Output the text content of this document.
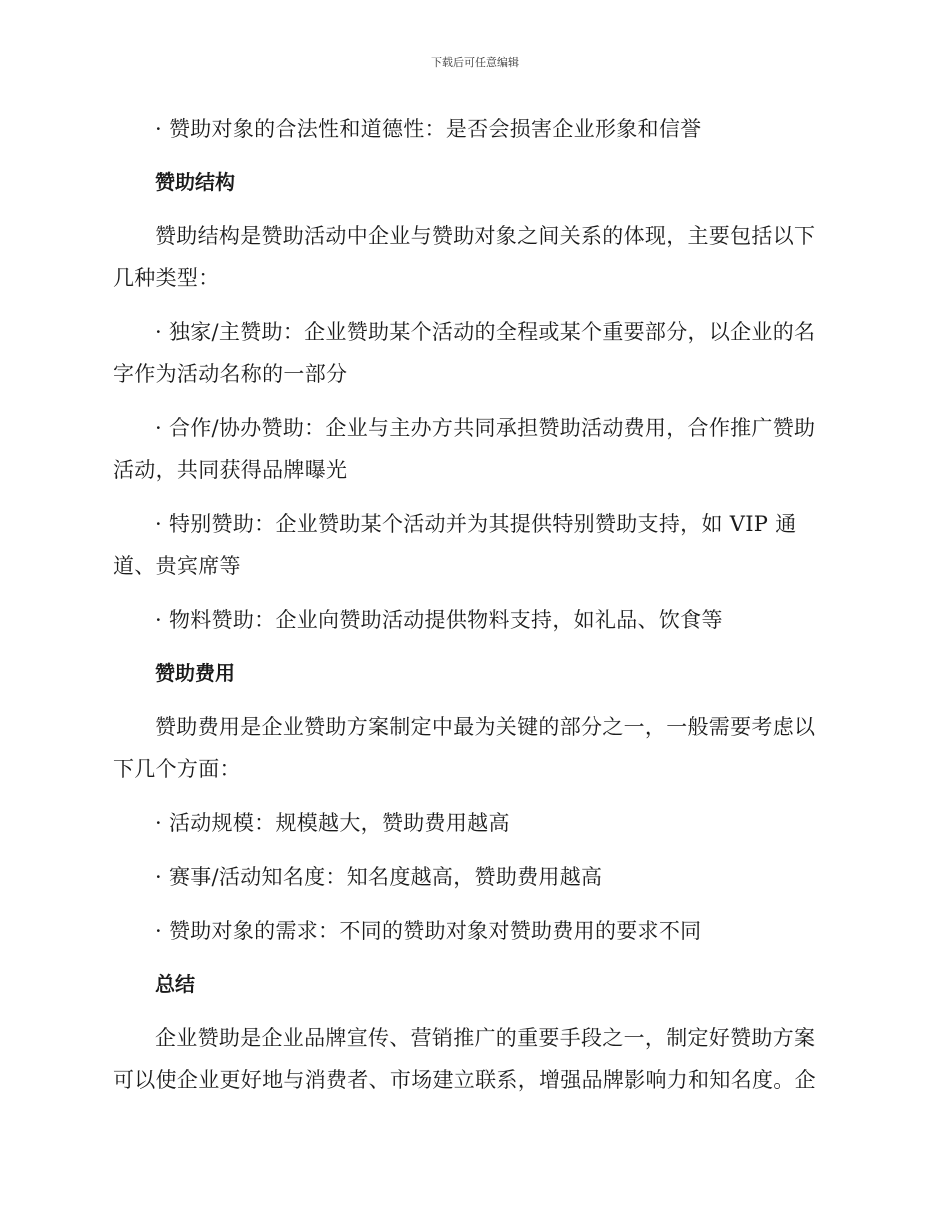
下载后可任意编辑

· 赞助对象的合法性和道德性：是否会损害企业形象和信誉

赞助结构

赞助结构是赞助活动中企业与赞助对象之间关系的体现，主要包括以下几种类型：

· 独家/主赞助：企业赞助某个活动的全程或某个重要部分，以企业的名字作为活动名称的一部分

· 合作/协办赞助：企业与主办方共同承担赞助活动费用，合作推广赞助活动，共同获得品牌曝光

· 特别赞助：企业赞助某个活动并为其提供特别赞助支持，如 VIP 通道、贵宾席等

· 物料赞助：企业向赞助活动提供物料支持，如礼品、饮食等

赞助费用

赞助费用是企业赞助方案制定中最为关键的部分之一，一般需要考虑以下几个方面：

· 活动规模：规模越大，赞助费用越高

· 赛事/活动知名度：知名度越高，赞助费用越高

· 赞助对象的需求：不同的赞助对象对赞助费用的要求不同

总结

企业赞助是企业品牌宣传、营销推广的重要手段之一，制定好赞助方案可以使企业更好地与消费者、市场建立联系，增强品牌影响力和知名度。企
